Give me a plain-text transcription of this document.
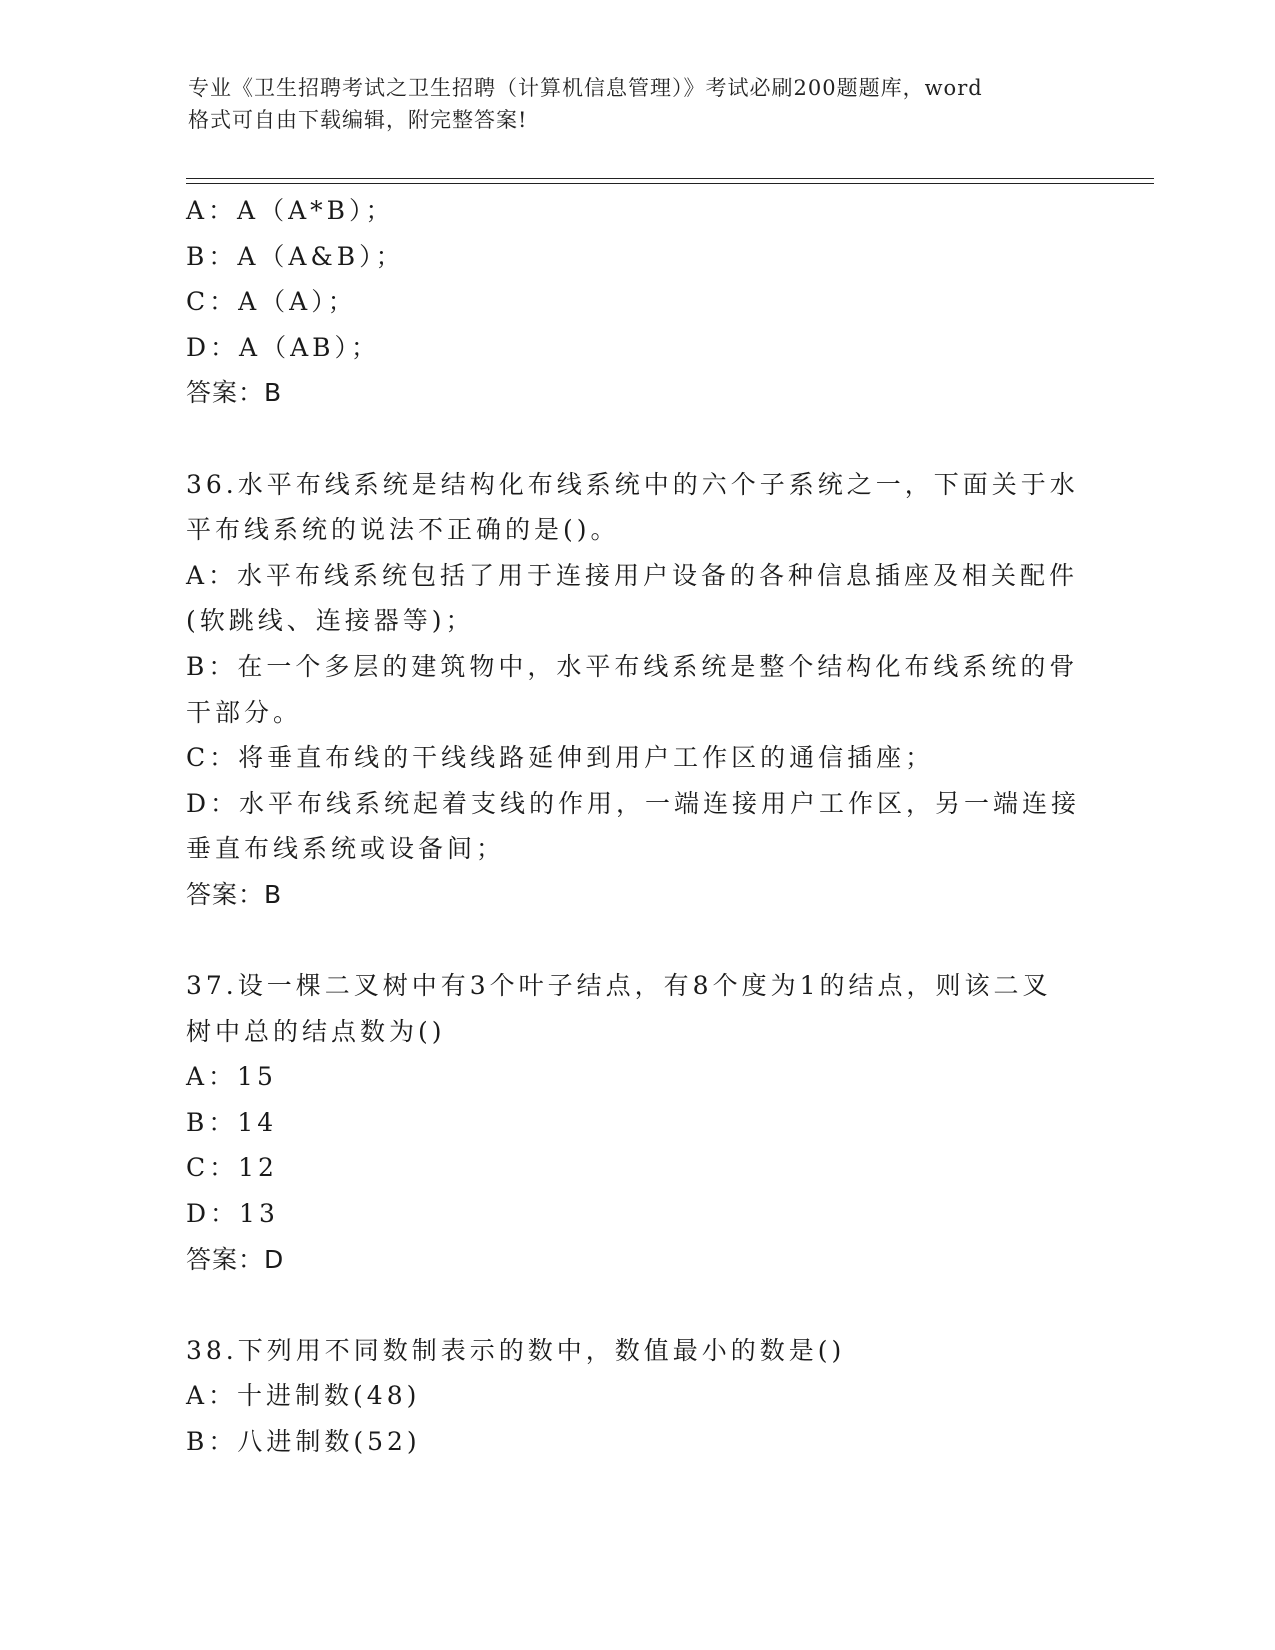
专业《卫生招聘考试之卫生招聘（计算机信息管理）》考试必刷200题题库，word
格式可自由下载编辑，附完整答案!
A：A（A*B）；
B：A（A&B）；
C：A（A）；
D：A（AB）；
答案：B
36.水平布线系统是结构化布线系统中的六个子系统之一，下面关于水
平布线系统的说法不正确的是()。
A：水平布线系统包括了用于连接用户设备的各种信息插座及相关配件
(软跳线、连接器等)；
B：在一个多层的建筑物中，水平布线系统是整个结构化布线系统的骨
干部分。
C：将垂直布线的干线线路延伸到用户工作区的通信插座；
D：水平布线系统起着支线的作用，一端连接用户工作区，另一端连接
垂直布线系统或设备间；
答案：B
37.设一棵二叉树中有3个叶子结点，有8个度为1的结点，则该二叉
树中总的结点数为()
A：15
B：14
C：12
D：13
答案：D
38.下列用不同数制表示的数中，数值最小的数是()
A：十进制数(48)
B：八进制数(52)
